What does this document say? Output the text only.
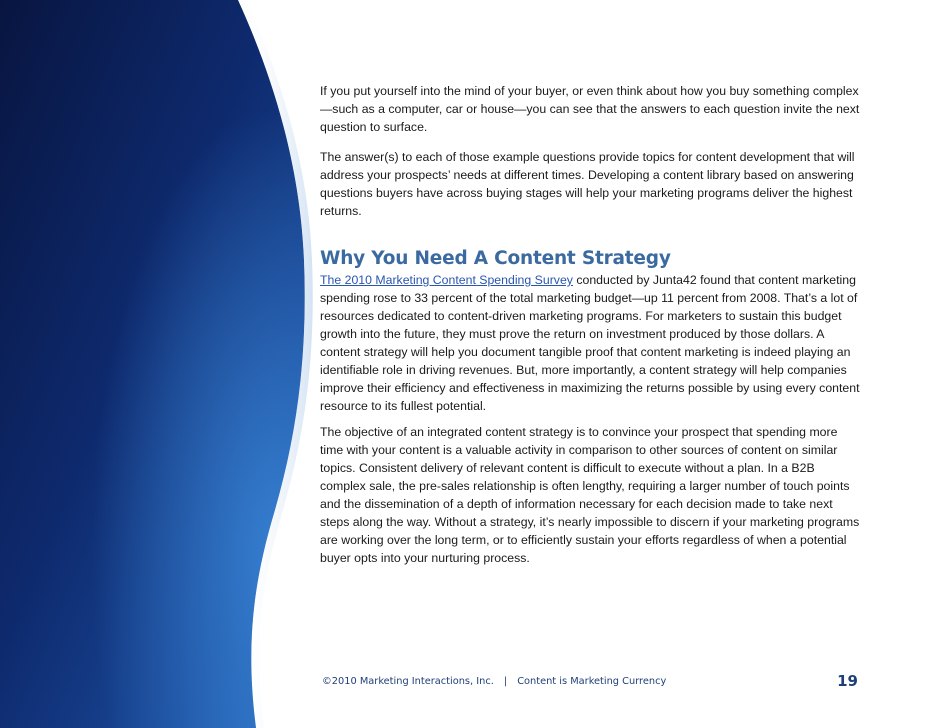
If you put yourself into the mind of your buyer, or even think about how you buy something complex—such as a computer, car or house—you can see that the answers to each question invite the next question to surface.

The answer(s) to each of those example questions provide topics for content development that will address your prospects’ needs at different times. Developing a content library based on answering questions buyers have across buying stages will help your marketing programs deliver the highest returns.

Why You Need A Content Strategy

The 2010 Marketing Content Spending Survey conducted by Junta42 found that content marketing spending rose to 33 percent of the total marketing budget—up 11 percent from 2008. That’s a lot of resources dedicated to content-driven marketing programs. For marketers to sustain this budget growth into the future, they must prove the return on investment produced by those dollars. A content strategy will help you document tangible proof that content marketing is indeed playing an identifiable role in driving revenues. But, more importantly, a content strategy will help companies improve their efficiency and effectiveness in maximizing the returns possible by using every content resource to its fullest potential.

The objective of an integrated content strategy is to convince your prospect that spending more time with your content is a valuable activity in comparison to other sources of content on similar topics. Consistent delivery of relevant content is difficult to execute without a plan. In a B2B complex sale, the pre-sales relationship is often lengthy, requiring a larger number of touch points and the dissemination of a depth of information necessary for each decision made to take next steps along the way. Without a strategy, it’s nearly impossible to discern if your marketing programs are working over the long term, or to efficiently sustain your efforts regardless of when a potential buyer opts into your nurturing process.

©2010 Marketing Interactions, Inc. | Content is Marketing Currency	19
